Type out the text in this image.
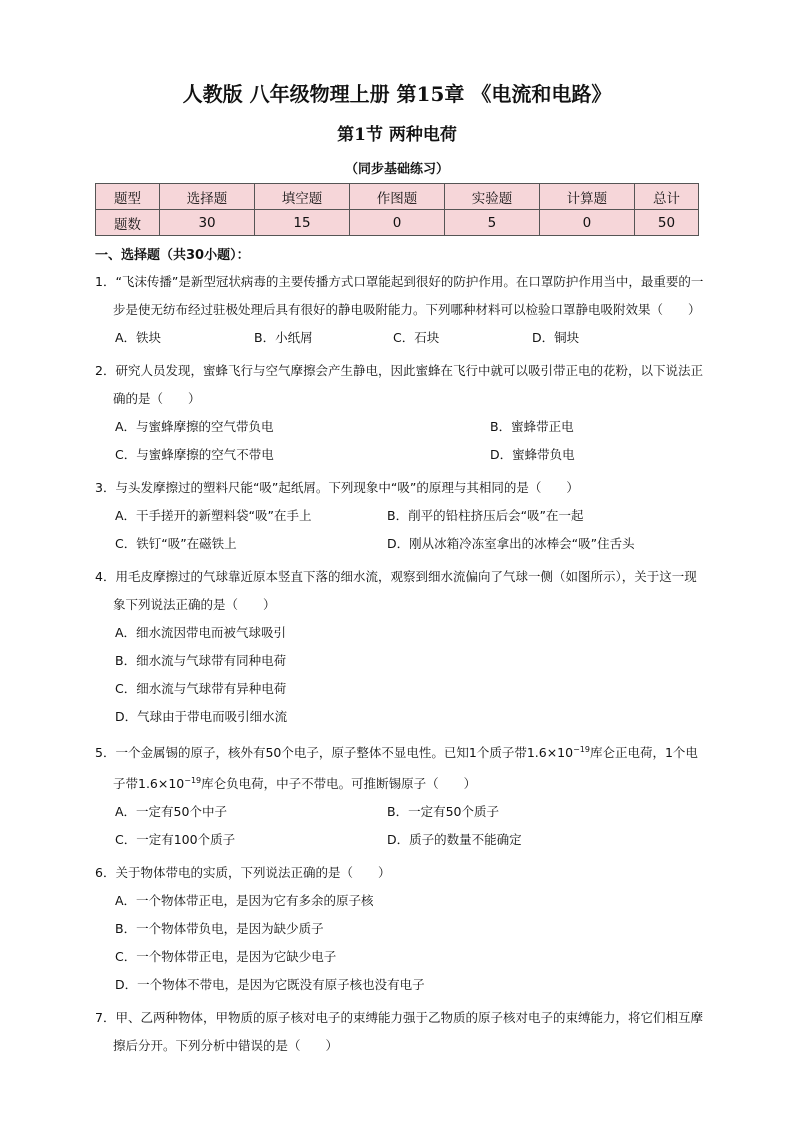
人教版 八年级物理上册 第15章 《电流和电路》
第1节 两种电荷
（同步基础练习）
题型	选择题	填空题	作图题	实验题	计算题	总计
题数	30	15	0	5	0	50
一、选择题（共30小题）：
1．“飞沫传播”是新型冠状病毒的主要传播方式口罩能起到很好的防护作用。在口罩防护作用当中，最重要的一步是使无纺布经过驻极处理后具有很好的静电吸附能力。下列哪种材料可以检验口罩静电吸附效果（　　）
A．铁块	B．小纸屑	C．石块	D．铜块
2．研究人员发现，蜜蜂飞行与空气摩擦会产生静电，因此蜜蜂在飞行中就可以吸引带正电的花粉，以下说法正确的是（　　）
A．与蜜蜂摩擦的空气带负电	B．蜜蜂带正电
C．与蜜蜂摩擦的空气不带电	D．蜜蜂带负电
3．与头发摩擦过的塑料尺能“吸”起纸屑。下列现象中“吸”的原理与其相同的是（　　）
A．干手搓开的新塑料袋“吸”在手上	B．削平的铅柱挤压后会“吸”在一起
C．铁钉“吸”在磁铁上	D．刚从冰箱冷冻室拿出的冰棒会“吸”住舌头
4．用毛皮摩擦过的气球靠近原本竖直下落的细水流，观察到细水流偏向了气球一侧（如图所示），关于这一现象下列说法正确的是（　　）
A．细水流因带电而被气球吸引
B．细水流与气球带有同种电荷
C．细水流与气球带有异种电荷
D．气球由于带电而吸引细水流
5．一个金属锡的原子，核外有50个电子，原子整体不显电性。已知1个质子带$1.6\times 10^{-19}$库仑正电荷，1个电子带$1.6\times 10^{-19}$库仑负电荷，中子不带电。可推断锡原子（　　）
A．一定有50个中子	B．一定有50个质子
C．一定有100个质子	D．质子的数量不能确定
6．关于物体带电的实质，下列说法正确的是（　　）
A．一个物体带正电，是因为它有多余的原子核
B．一个物体带负电，是因为缺少质子
C．一个物体带正电，是因为它缺少电子
D．一个物体不带电，是因为它既没有原子核也没有电子
7．甲、乙两种物体，甲物质的原子核对电子的束缚能力强于乙物质的原子核对电子的束缚能力，将它们相互摩擦后分开。下列分析中错误的是（　　）
